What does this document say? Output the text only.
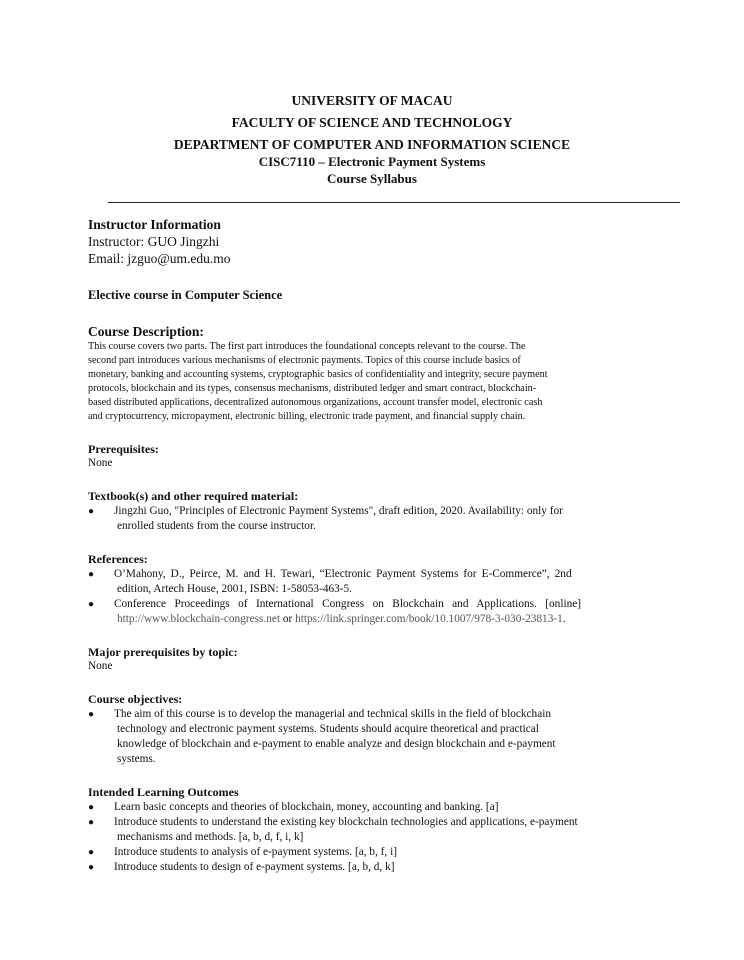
UNIVERSITY OF MACAU
FACULTY OF SCIENCE AND TECHNOLOGY
DEPARTMENT OF COMPUTER AND INFORMATION SCIENCE
CISC7110 – Electronic Payment Systems
Course Syllabus

Instructor Information

Instructor: GUO Jingzhi

Email: jzguo@um.edu.mo

Elective course in Computer Science

Course Description:

This course covers two parts. The first part introduces the foundational concepts relevant to the course. The
second part introduces various mechanisms of electronic payments. Topics of this course include basics of
monetary, banking and accounting systems, cryptographic basics of confidentiality and integrity, secure payment
protocols, blockchain and its types, consensus mechanisms, distributed ledger and smart contract, blockchain-
based distributed applications, decentralized autonomous organizations, account transfer model, electronic cash
and cryptocurrency, micropayment, electronic billing, electronic trade payment, and financial supply chain.

Prerequisites:

None

Textbook(s) and other required material:

● Jingzhi Guo, "Principles of Electronic Payment Systems", draft edition, 2020. Availability: only for
enrolled students from the course instructor.

References:

● O’Mahony, D., Peirce, M. and H. Tewari, “Electronic Payment Systems for E-Commerce”, 2nd
edition, Artech House, 2001, ISBN: 1-58053-463-5.
● Conference Proceedings of International Congress on Blockchain and Applications. [online]
http://www.blockchain-congress.net or https://link.springer.com/book/10.1007/978-3-030-23813-1.

Major prerequisites by topic:

None

Course objectives:

● The aim of this course is to develop the managerial and technical skills in the field of blockchain
technology and electronic payment systems. Students should acquire theoretical and practical
knowledge of blockchain and e-payment to enable analyze and design blockchain and e-payment
systems.

Intended Learning Outcomes

● Learn basic concepts and theories of blockchain, money, accounting and banking. [a]
● Introduce students to understand the existing key blockchain technologies and applications, e-payment
mechanisms and methods. [a, b, d, f, i, k]
● Introduce students to analysis of e-payment systems. [a, b, f, i]
● Introduce students to design of e-payment systems. [a, b, d, k]
